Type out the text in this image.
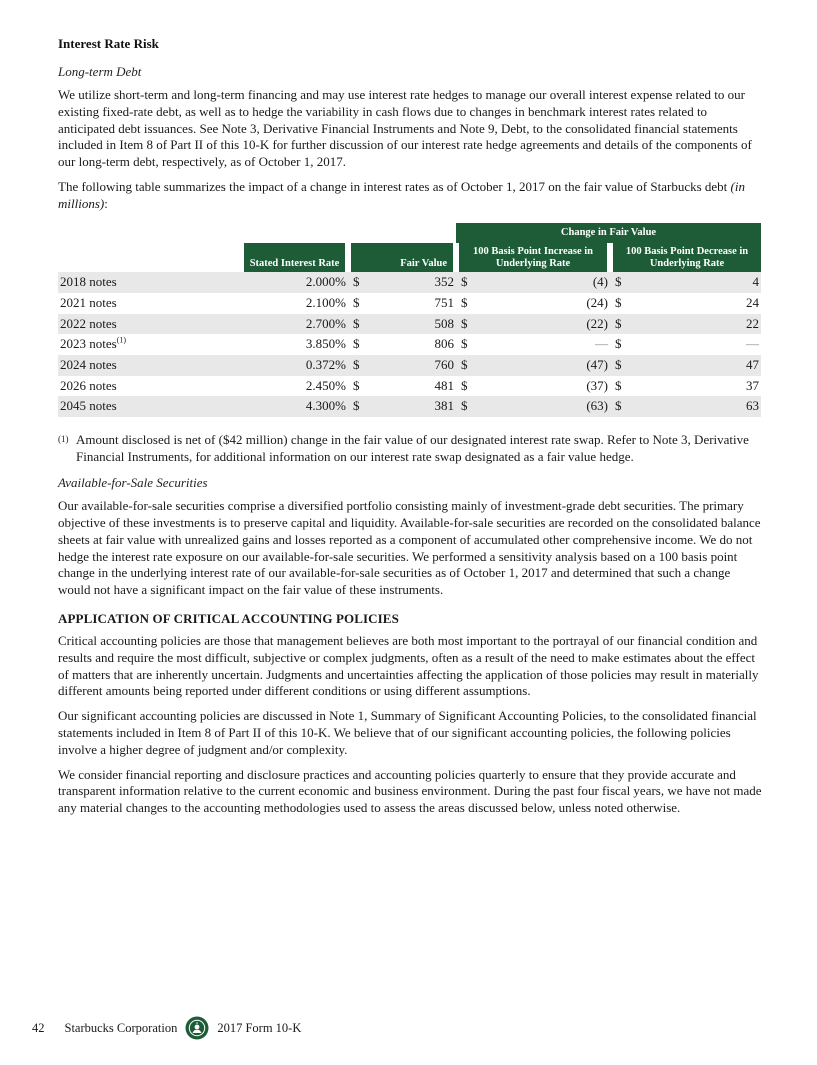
Interest Rate Risk
Long-term Debt

We utilize short-term and long-term financing and may use interest rate hedges to manage our overall interest expense related to our existing fixed-rate debt, as well as to hedge the variability in cash flows due to changes in benchmark interest rates related to anticipated debt issuances. See Note 3, Derivative Financial Instruments and Note 9, Debt, to the consolidated financial statements included in Item 8 of Part II of this 10-K for further discussion of our interest rate hedge agreements and details of the components of our long-term debt, respectively, as of October 1, 2017.

The following table summarizes the impact of a change in interest rates as of October 1, 2017 on the fair value of Starbucks debt (in millions):

				Change in Fair Value			
	Stated Interest Rate	Fair Value		100 Basis Point Increase in Underlying Rate		100 Basis Point Decrease in Underlying Rate	
2018 notes	2.000%	$	352	$	(4)	$	4
2021 notes	2.100%	$	751	$	(24)	$	24
2022 notes	2.700%	$	508	$	(22)	$	22
2023 notes$^{(1)}$	3.850%	$	806	$	—	$	—
2024 notes	0.372%	$	760	$	(47)	$	47
2026 notes	2.450%	$	481	$	(37)	$	37
2045 notes	4.300%	$	381	$	(63)	$	63
(1) Amount disclosed is net of ($42 million) change in the fair value of our designated interest rate swap. Refer to Note 3, Derivative Financial Instruments, for additional information on our interest rate swap designated as a fair value hedge.
Available-for-Sale Securities

Our available-for-sale securities comprise a diversified portfolio consisting mainly of investment-grade debt securities. The primary objective of these investments is to preserve capital and liquidity. Available-for-sale securities are recorded on the consolidated balance sheets at fair value with unrealized gains and losses reported as a component of accumulated other comprehensive income. We do not hedge the interest rate exposure on our available-for-sale securities. We performed a sensitivity analysis based on a 100 basis point change in the underlying interest rate of our available-for-sale securities as of October 1, 2017 and determined that such a change would not have a significant impact on the fair value of these instruments.

APPLICATION OF CRITICAL ACCOUNTING POLICIES

Critical accounting policies are those that management believes are both most important to the portrayal of our financial condition and results and require the most difficult, subjective or complex judgments, often as a result of the need to make estimates about the effect of matters that are inherently uncertain. Judgments and uncertainties affecting the application of those policies may result in materially different amounts being reported under different conditions or using different assumptions.

Our significant accounting policies are discussed in Note 1, Summary of Significant Accounting Policies, to the consolidated financial statements included in Item 8 of Part II of this 10-K. We believe that of our significant accounting policies, the following policies involve a higher degree of judgment and/or complexity.

We consider financial reporting and disclosure practices and accounting policies quarterly to ensure that they provide accurate and transparent information relative to the current economic and business environment. During the past four fiscal years, we have not made any material changes to the accounting methodologies used to assess the areas discussed below, unless noted otherwise.

42 Starbucks Corporation	2017 Form 10-K
